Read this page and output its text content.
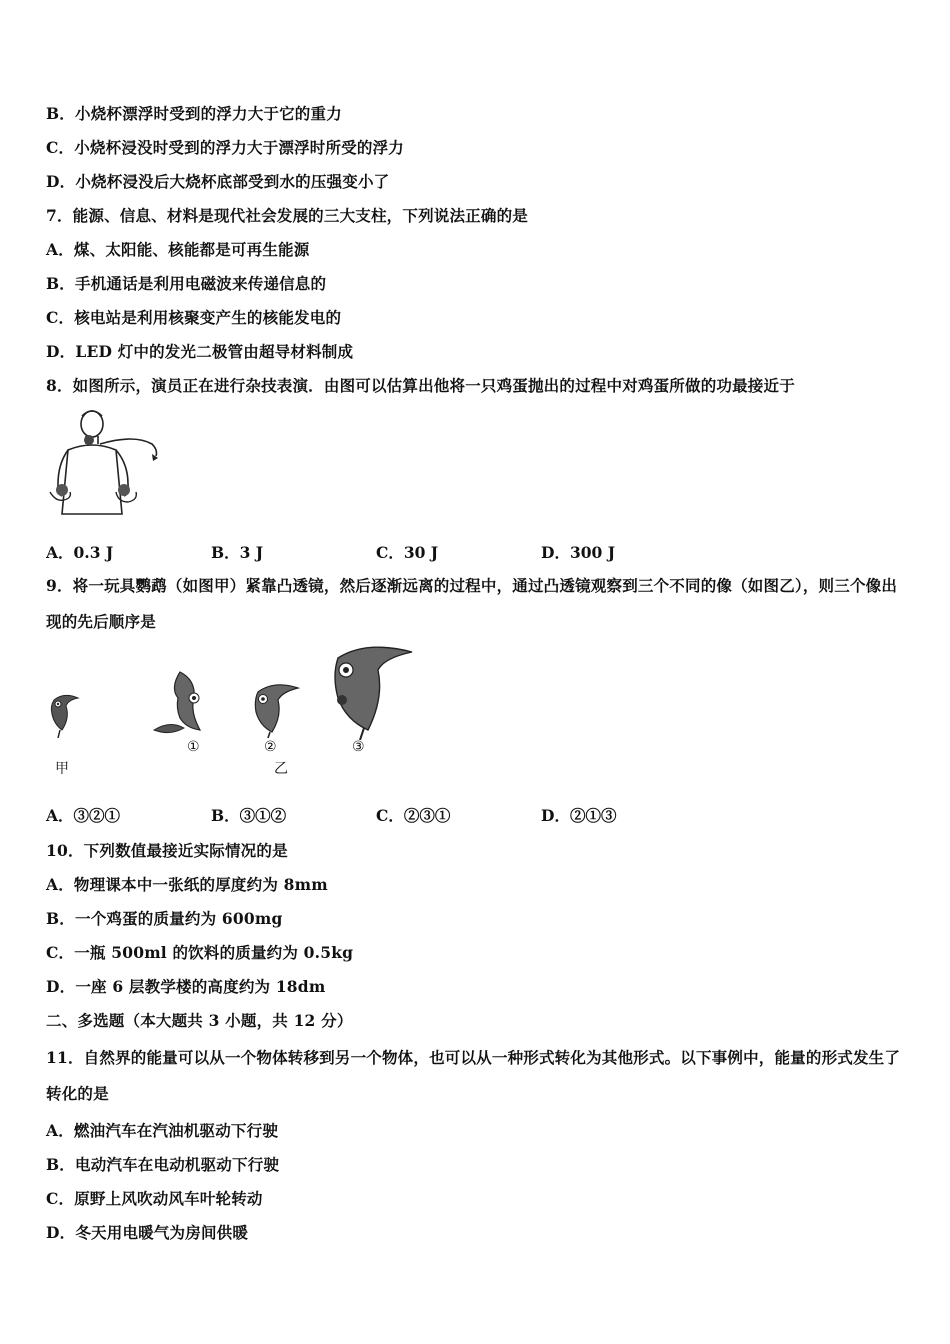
B．小烧杯漂浮时受到的浮力大于它的重力
C．小烧杯浸没时受到的浮力大于漂浮时所受的浮力
D．小烧杯浸没后大烧杯底部受到水的压强变小了
7．能源、信息、材料是现代社会发展的三大支柱，下列说法正确的是
A．煤、太阳能、核能都是可再生能源
B．手机通话是利用电磁波来传递信息的
C．核电站是利用核聚变产生的核能发电的
D．LED 灯中的发光二极管由超导材料制成
8．如图所示，演员正在进行杂技表演．由图可以估算出他将一只鸡蛋抛出的过程中对鸡蛋所做的功最接近于
A．0.3 J	B．3 J	C．30 J	D．300 J
9．将一玩具鹦鹉（如图甲）紧靠凸透镜，然后逐渐远离的过程中，通过凸透镜观察到三个不同的像（如图乙），则三个像出现的先后顺序是
甲
①	②
乙
③
A．③②①	B．③①②	C．②③①	D．②①③
10．下列数值最接近实际情况的是
A．物理课本中一张纸的厚度约为 8mm
B．一个鸡蛋的质量约为 600mg
C．一瓶 500ml 的饮料的质量约为 0.5kg
D．一座 6 层教学楼的高度约为 18dm
二、多选题（本大题共 3 小题，共 12 分）
11．自然界的能量可以从一个物体转移到另一个物体，也可以从一种形式转化为其他形式。以下事例中，能量的形式发生了转化的是
A．燃油汽车在汽油机驱动下行驶
B．电动汽车在电动机驱动下行驶
C．原野上风吹动风车叶轮转动
D．冬天用电暖气为房间供暖
